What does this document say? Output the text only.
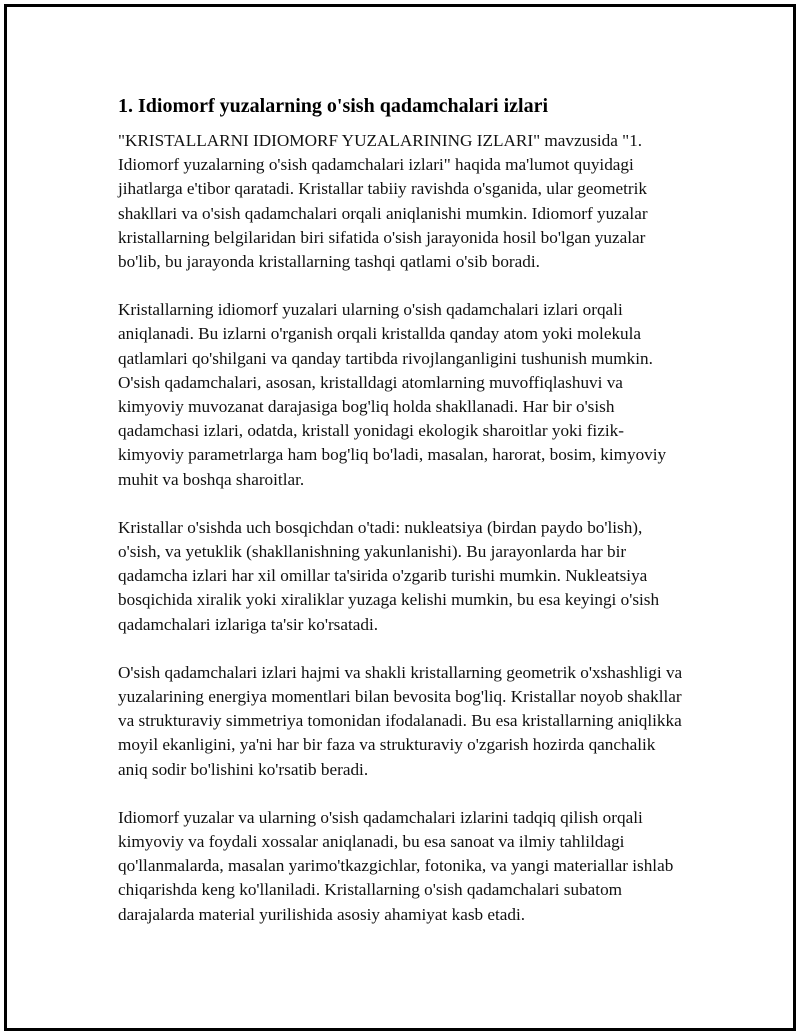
1. Idiomorf yuzalarning o'sish qadamchalari izlari

"KRISTALLARNI IDIOMORF YUZALARINING IZLARI" mavzusida "1. Idiomorf yuzalarning o'sish qadamchalari izlari" haqida ma'lumot quyidagi jihatlarga e'tibor qaratadi. Kristallar tabiiy ravishda o'sganida, ular geometrik shakllari va o'sish qadamchalari orqali aniqlanishi mumkin. Idiomorf yuzalar kristallarning belgilaridan biri sifatida o'sish jarayonida hosil bo'lgan yuzalar bo'lib, bu jarayonda kristallarning tashqi qatlami o'sib boradi.

Kristallarning idiomorf yuzalari ularning o'sish qadamchalari izlari orqali aniqlanadi. Bu izlarni o'rganish orqali kristallda qanday atom yoki molekula qatlamlari qo'shilgani va qanday tartibda rivojlanganligini tushunish mumkin. O'sish qadamchalari, asosan, kristalldagi atomlarning muvoffiqlashuvi va kimyoviy muvozanat darajasiga bog'liq holda shakllanadi. Har bir o'sish qadamchasi izlari, odatda, kristall yonidagi ekologik sharoitlar yoki fizik-kimyoviy parametrlarga ham bog'liq bo'ladi, masalan, harorat, bosim, kimyoviy muhit va boshqa sharoitlar.

Kristallar o'sishda uch bosqichdan o'tadi: nukleatsiya (birdan paydo bo'lish), o'sish, va yetuklik (shakllanishning yakunlanishi). Bu jarayonlarda har bir qadamcha izlari har xil omillar ta'sirida o'zgarib turishi mumkin. Nukleatsiya bosqichida xiralik yoki xiraliklar yuzaga kelishi mumkin, bu esa keyingi o'sish qadamchalari izlariga ta'sir ko'rsatadi.

O'sish qadamchalari izlari hajmi va shakli kristallarning geometrik o'xshashligi va yuzalarining energiya momentlari bilan bevosita bog'liq. Kristallar noyob shakllar va strukturaviy simmetriya tomonidan ifodalanadi. Bu esa kristallarning aniqlikka moyil ekanligini, ya'ni har bir faza va strukturaviy o'zgarish hozirda qanchalik aniq sodir bo'lishini ko'rsatib beradi.

Idiomorf yuzalar va ularning o'sish qadamchalari izlarini tadqiq qilish orqali kimyoviy va foydali xossalar aniqlanadi, bu esa sanoat va ilmiy tahlildagi qo'llanmalarda, masalan yarimo'tkazgichlar, fotonika, va yangi materiallar ishlab chiqarishda keng ko'llaniladi. Kristallarning o'sish qadamchalari subatom darajalarda material yurilishida asosiy ahamiyat kasb etadi.
